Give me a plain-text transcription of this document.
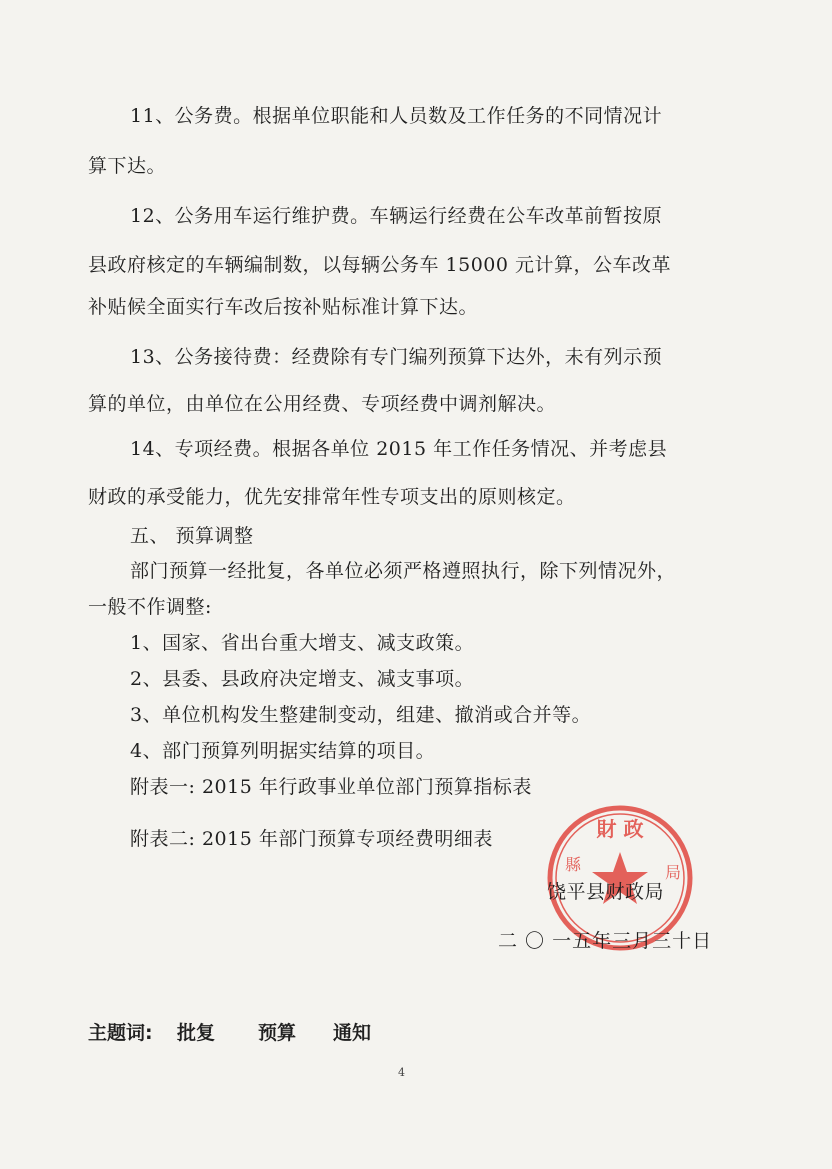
11、公务费。根据单位职能和人员数及工作任务的不同情况计
算下达。
12、公务用车运行维护费。车辆运行经费在公车改革前暂按原
县政府核定的车辆编制数，以每辆公务车 15000 元计算，公车改革
补贴候全面实行车改后按补贴标准计算下达。
13、公务接待费：经费除有专门编列预算下达外，未有列示预
算的单位，由单位在公用经费、专项经费中调剂解决。
14、专项经费。根据各单位 2015 年工作任务情况、并考虑县
财政的承受能力，优先安排常年性专项支出的原则核定。
五、 预算调整
部门预算一经批复，各单位必须严格遵照执行，除下列情况外，
一般不作调整:
1、国家、省出台重大增支、减支政策。
2、县委、县政府决定增支、减支事项。
3、单位机构发生整建制变动，组建、撤消或合并等。
4、部门预算列明据实结算的项目。
附表一: 2015 年行政事业单位部门预算指标表
附表二: 2015 年部门预算专项经费明细表	財 政
縣	局
饶平县财政局
二 〇 一五年三月三十日
主题词: 批复 预算 通知
4
